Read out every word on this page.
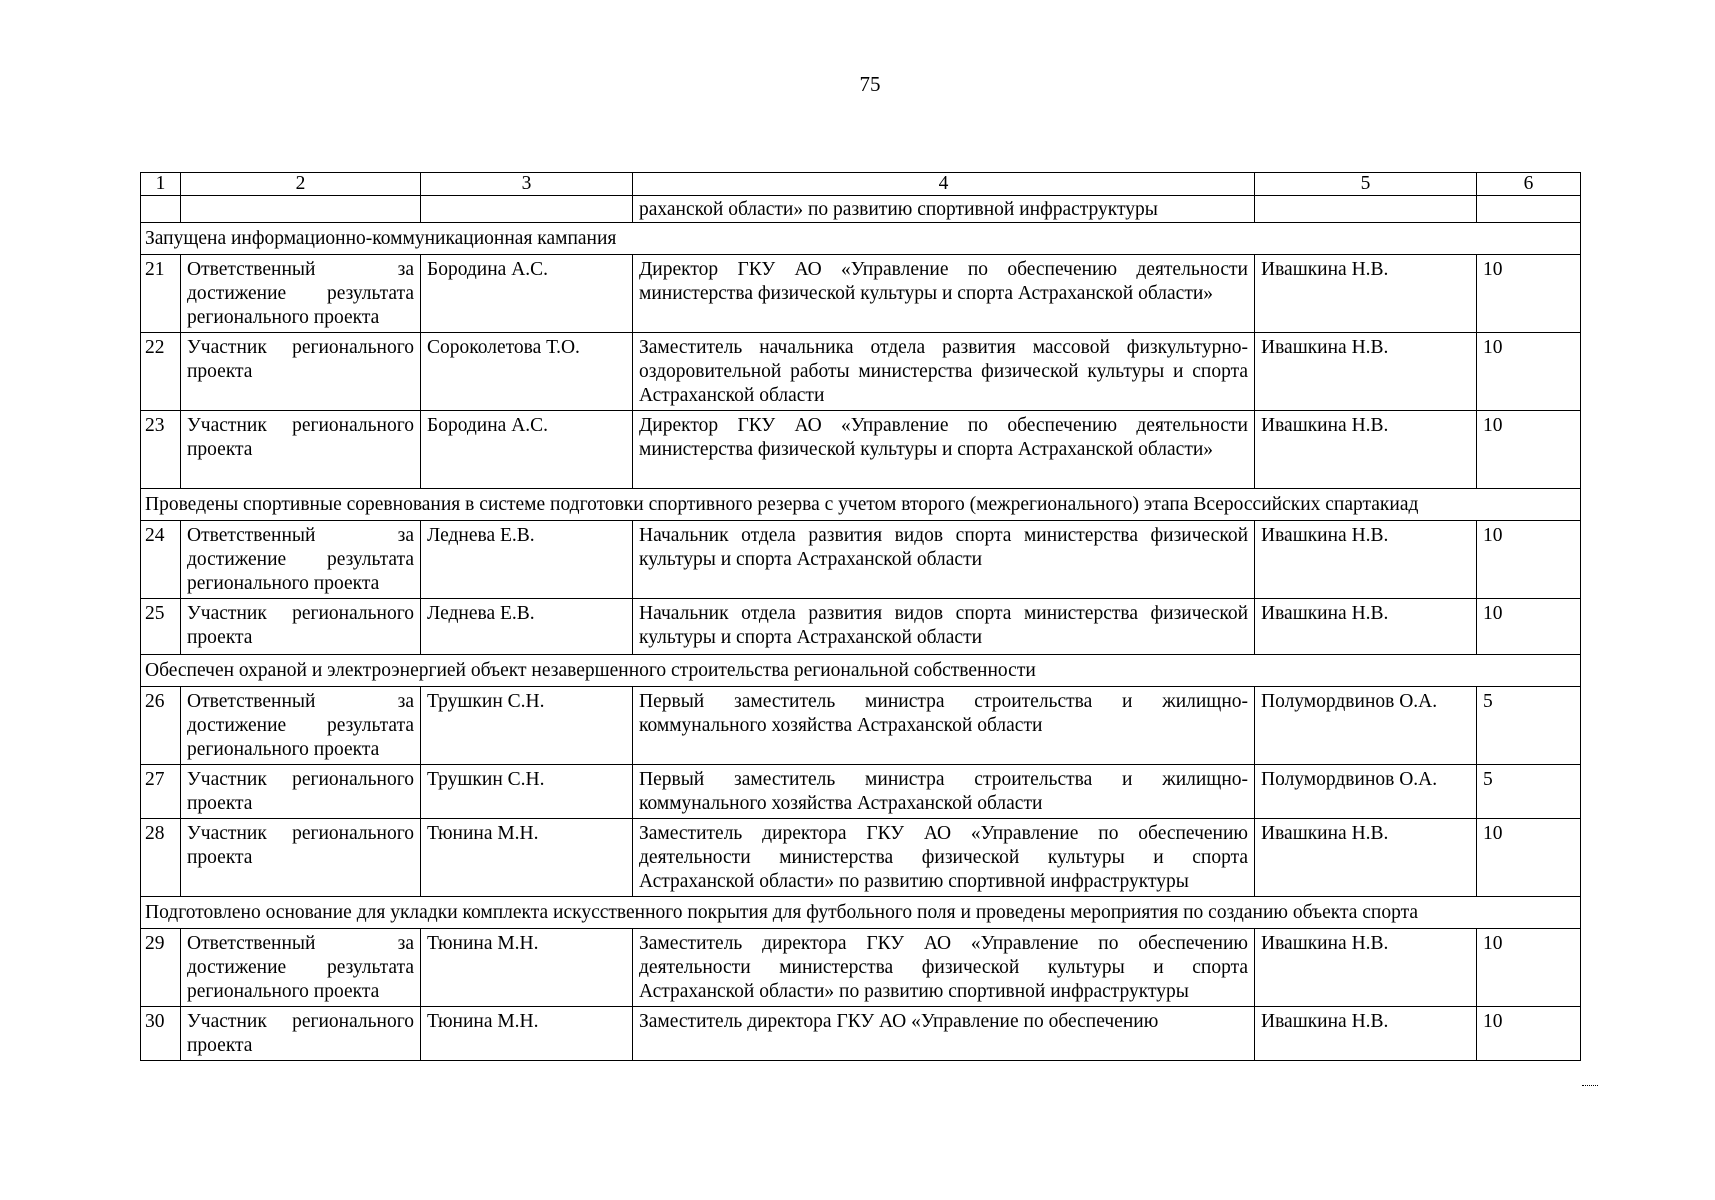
75
1	2	3	4	5	6
			раханской области» по развитию спортивной инфраструктуры		
Запущена информационно-коммуникационная кампания					
21	Ответственный за достижение результата регионального проекта	Бородина А.С.	Директор ГКУ АО «Управление по обеспечению деятельности министерства физической культуры и спорта Астраханской области»	Ивашкина Н.В.	10
22	Участник регионального проекта	Сороколетова Т.О.	Заместитель начальника отдела развития массовой физкультурно-оздоровительной работы министерства физической культуры и спорта Астраханской области	Ивашкина Н.В.	10
23	Участник регионального проекта	Бородина А.С.	Директор ГКУ АО «Управление по обеспечению деятельности министерства физической культуры и спорта Астраханской области»	Ивашкина Н.В.	10
Проведены спортивные соревнования в системе подготовки спортивного резерва с учетом второго (межрегионального) этапа Всероссийских спартакиад					
24	Ответственный за достижение результата регионального проекта	Леднева Е.В.	Начальник отдела развития видов спорта министерства физической культуры и спорта Астраханской области	Ивашкина Н.В.	10
25	Участник регионального проекта	Леднева Е.В.	Начальник отдела развития видов спорта министерства физической культуры и спорта Астраханской области	Ивашкина Н.В.	10
Обеспечен охраной и электроэнергией объект незавершенного строительства региональной собственности					
26	Ответственный за достижение результата регионального проекта	Трушкин С.Н.	Первый заместитель министра строительства и жилищно-коммунального хозяйства Астраханской области	Полумордвинов О.А.	5
27	Участник регионального проекта	Трушкин С.Н.	Первый заместитель министра строительства и жилищно-коммунального хозяйства Астраханской области	Полумордвинов О.А.	5
28	Участник регионального проекта	Тюнина М.Н.	Заместитель директора ГКУ АО «Управление по обеспечению деятельности министерства физической культуры и спорта Астраханской области» по развитию спортивной инфраструктуры	Ивашкина Н.В.	10
Подготовлено основание для укладки комплекта искусственного покрытия для футбольного поля и проведены мероприятия по созданию объекта спорта					
29	Ответственный за достижение результата регионального проекта	Тюнина М.Н.	Заместитель директора ГКУ АО «Управление по обеспечению деятельности министерства физической культуры и спорта Астраханской области» по развитию спортивной инфраструктуры	Ивашкина Н.В.	10
30	Участник регионального проекта	Тюнина М.Н.	Заместитель директора ГКУ АО «Управление по обеспечению	Ивашкина Н.В.	10
